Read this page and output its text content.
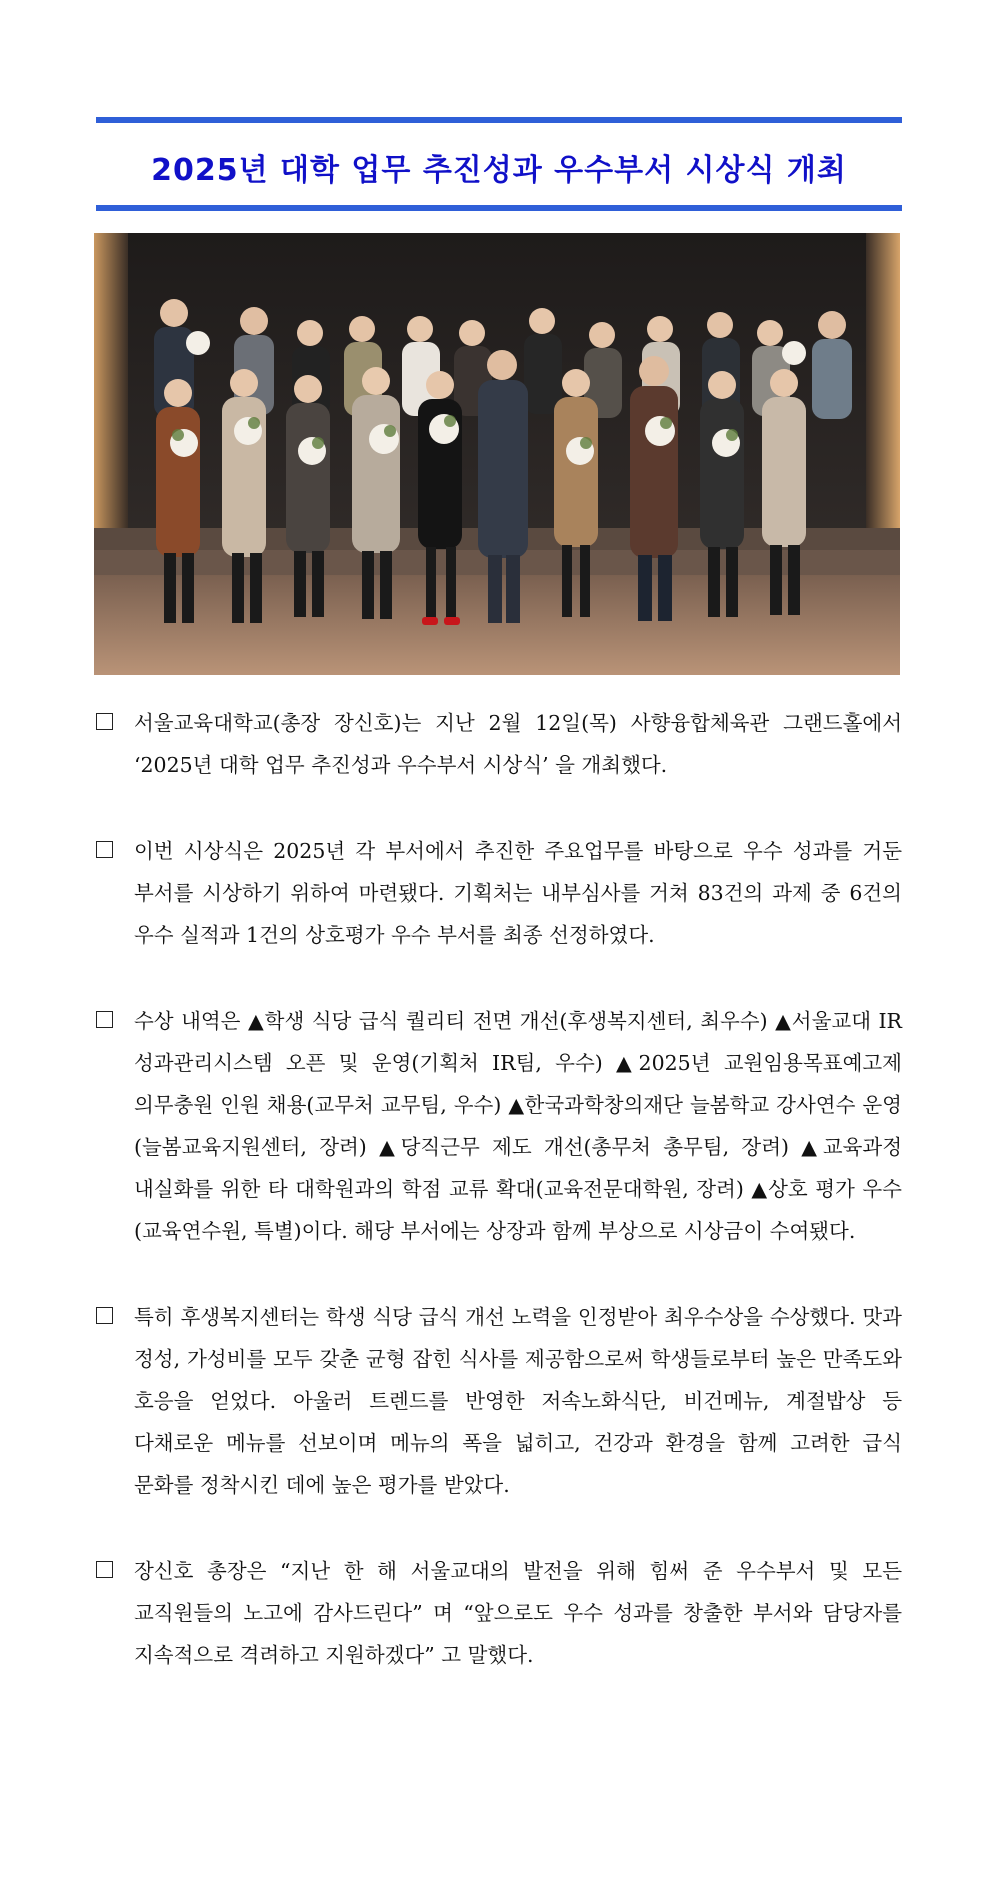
2025년 대학 업무 추진성과 우수부서 시상식 개최
서울교육대학교(총장 장신호)는 지난 2월 12일(목) 사향융합체육관 그랜드홀에서 ‘2025년 대학 업무 추진성과 우수부서 시상식’ 을 개최했다.
이번 시상식은 2025년 각 부서에서 추진한 주요업무를 바탕으로 우수 성과를 거둔 부서를 시상하기 위하여 마련됐다. 기획처는 내부심사를 거쳐 83건의 과제 중 6건의 우수 실적과 1건의 상호평가 우수 부서를 최종 선정하였다.
수상 내역은 ▲학생 식당 급식 퀄리티 전면 개선(후생복지센터, 최우수) ▲서울교대 IR 성과관리시스템 오픈 및 운영(기획처 IR팀, 우수) ▲2025년 교원임용목표예고제 의무충원 인원 채용(교무처 교무팀, 우수) ▲한국과학창의재단 늘봄학교 강사연수 운영(늘봄교육지원센터, 장려) ▲당직근무 제도 개선(총무처 총무팀, 장려) ▲교육과정 내실화를 위한 타 대학원과의 학점 교류 확대(교육전문대학원, 장려) ▲상호 평가 우수(교육연수원, 특별)이다. 해당 부서에는 상장과 함께 부상으로 시상금이 수여됐다.
특히 후생복지센터는 학생 식당 급식 개선 노력을 인정받아 최우수상을 수상했다. 맛과 정성, 가성비를 모두 갖춘 균형 잡힌 식사를 제공함으로써 학생들로부터 높은 만족도와 호응을 얻었다. 아울러 트렌드를 반영한 저속노화식단, 비건메뉴, 계절밥상 등 다채로운 메뉴를 선보이며 메뉴의 폭을 넓히고, 건강과 환경을 함께 고려한 급식 문화를 정착시킨 데에 높은 평가를 받았다.
장신호 총장은 “지난 한 해 서울교대의 발전을 위해 힘써 준 우수부서 및 모든 교직원들의 노고에 감사드린다” 며 “앞으로도 우수 성과를 창출한 부서와 담당자를 지속적으로 격려하고 지원하겠다” 고 말했다.
